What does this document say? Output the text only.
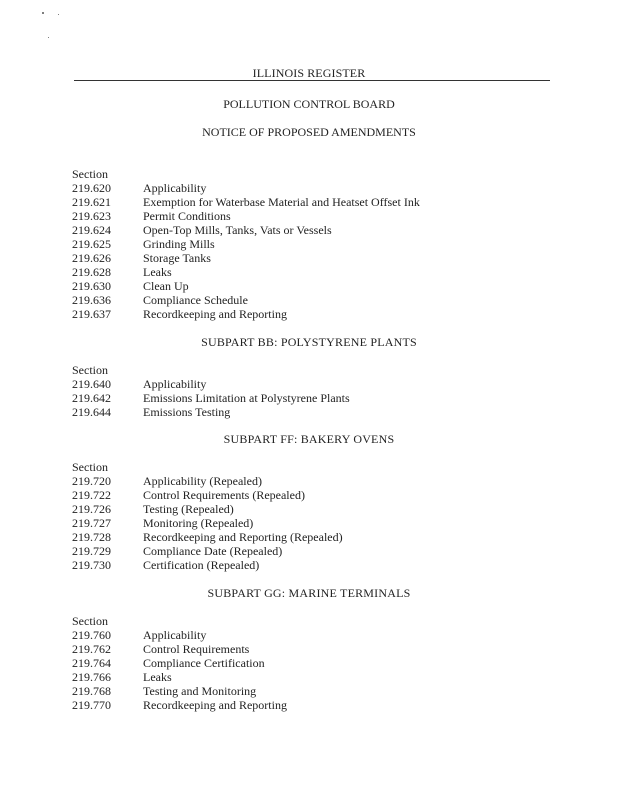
ILLINOIS REGISTER
POLLUTION CONTROL BOARD
NOTICE OF PROPOSED AMENDMENTS
Section
219.620	Applicability
219.621	Exemption for Waterbase Material and Heatset Offset Ink
219.623	Permit Conditions
219.624	Open-Top Mills, Tanks, Vats or Vessels
219.625	Grinding Mills
219.626	Storage Tanks
219.628	Leaks
219.630	Clean Up
219.636	Compliance Schedule
219.637	Recordkeeping and Reporting
SUBPART BB: POLYSTYRENE PLANTS
Section
219.640	Applicability
219.642	Emissions Limitation at Polystyrene Plants
219.644	Emissions Testing
SUBPART FF: BAKERY OVENS
Section
219.720	Applicability (Repealed)
219.722	Control Requirements (Repealed)
219.726	Testing (Repealed)
219.727	Monitoring (Repealed)
219.728	Recordkeeping and Reporting (Repealed)
219.729	Compliance Date (Repealed)
219.730	Certification (Repealed)
SUBPART GG: MARINE TERMINALS
Section
219.760	Applicability
219.762	Control Requirements
219.764	Compliance Certification
219.766	Leaks
219.768	Testing and Monitoring
219.770	Recordkeeping and Reporting
